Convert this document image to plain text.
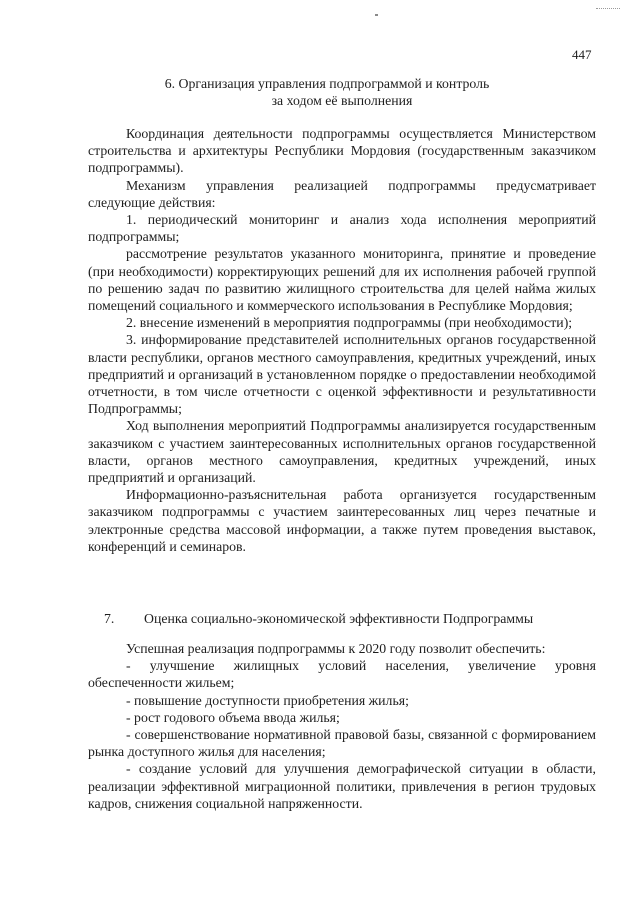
447
6. Организация управления подпрограммой и контроль
за ходом её выполнения

Координация деятельности подпрограммы осуществляется Министерством строительства и архитектуры Республики Мордовия (государственным заказчиком подпрограммы).

Механизм управления реализацией подпрограммы предусматривает следующие действия:

1. периодический мониторинг и анализ хода исполнения мероприятий подпрограммы;

рассмотрение результатов указанного мониторинга, принятие и проведение (при необходимости) корректирующих решений для их исполнения рабочей группой по решению задач по развитию жилищного строительства для целей найма жилых помещений социального и коммерческого использования в Республике Мордовия;

2. внесение изменений в мероприятия подпрограммы (при необходимости);

3. информирование представителей исполнительных органов государственной власти республики, органов местного самоуправления, кредитных учреждений, иных предприятий и организаций в установленном порядке о предоставлении необходимой отчетности, в том числе отчетности с оценкой эффективности и результативности Подпрограммы;

Ход выполнения мероприятий Подпрограммы анализируется государственным заказчиком с участием заинтересованных исполнительных органов государственной власти, органов местного самоуправления, кредитных учреждений, иных предприятий и организаций.

Информационно-разъяснительная работа организуется государственным заказчиком подпрограммы с участием заинтересованных лиц через печатные и электронные средства массовой информации, а также путем проведения выставок, конференций и семинаров.

7. Оценка социально-экономической эффективности Подпрограммы

Успешная реализация подпрограммы к 2020 году позволит обеспечить:

- улучшение жилищных условий населения, увеличение уровня обеспеченности жильем;

- повышение доступности приобретения жилья;

- рост годового объема ввода жилья;

- совершенствование нормативной правовой базы, связанной с формированием рынка доступного жилья для населения;

- создание условий для улучшения демографической ситуации в области, реализации эффективной миграционной политики, привлечения в регион трудовых кадров, снижения социальной напряженности.
